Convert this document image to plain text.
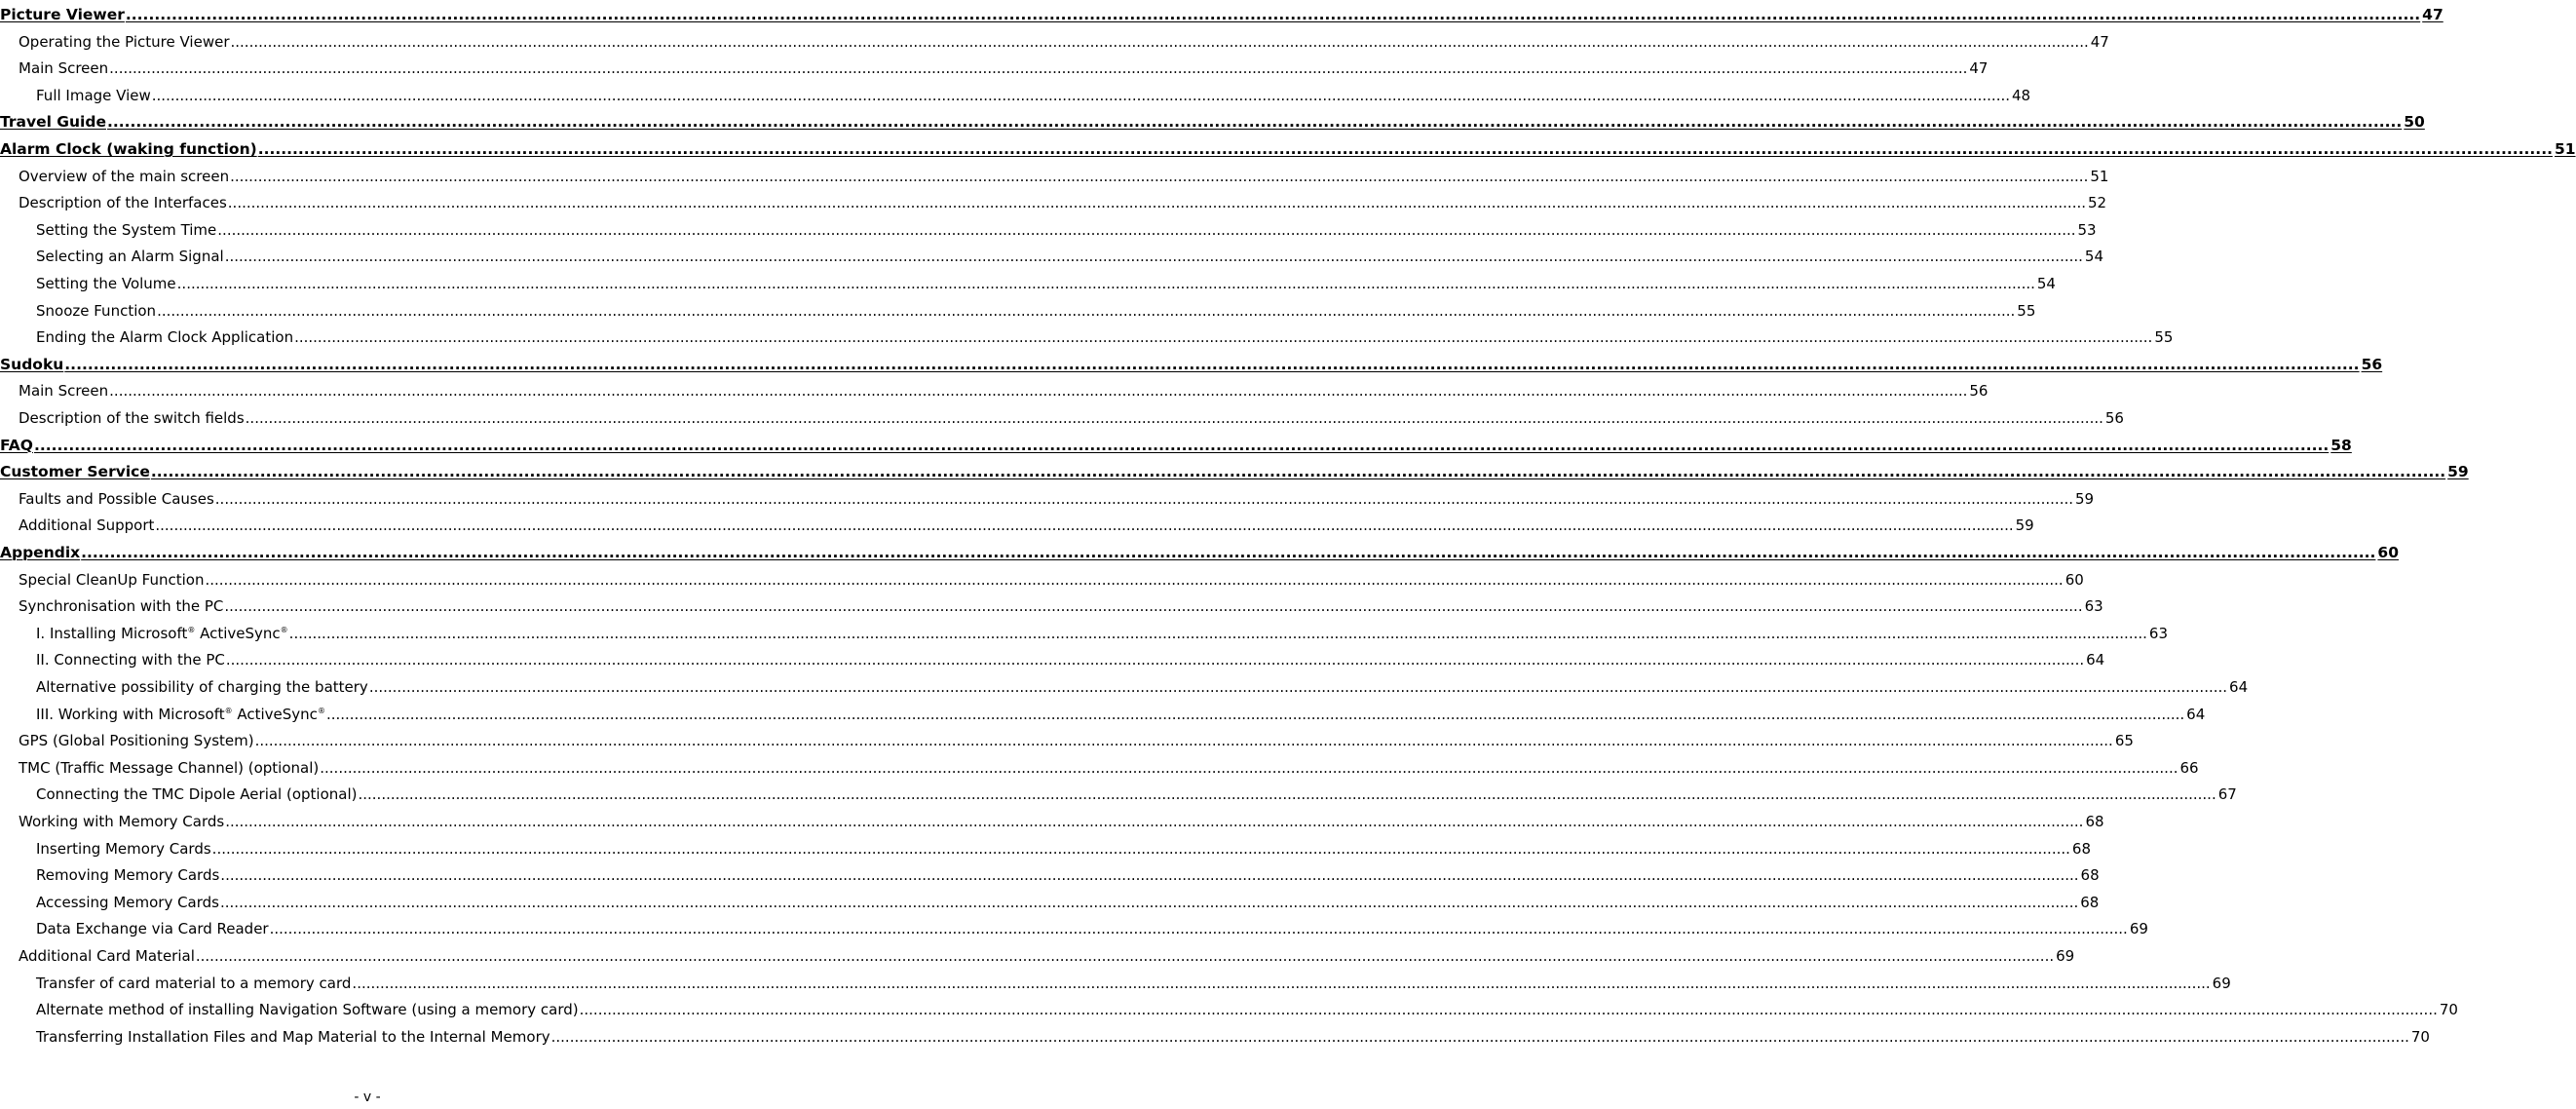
Picture Viewer ................................................................................................................................................................................................................................................................................................................................................................................................................ 47
Operating the Picture Viewer ................................................................................................................................................................................................................................................................................................................................................................................................................ 47
Main Screen ................................................................................................................................................................................................................................................................................................................................................................................................................ 47
Full Image View ................................................................................................................................................................................................................................................................................................................................................................................................................ 48
Travel Guide ................................................................................................................................................................................................................................................................................................................................................................................................................ 50
Alarm Clock (waking function) ................................................................................................................................................................................................................................................................................................................................................................................................................ 51
Overview of the main screen ................................................................................................................................................................................................................................................................................................................................................................................................................ 51
Description of the Interfaces ................................................................................................................................................................................................................................................................................................................................................................................................................ 52
Setting the System Time ................................................................................................................................................................................................................................................................................................................................................................................................................ 53
Selecting an Alarm Signal ................................................................................................................................................................................................................................................................................................................................................................................................................ 54
Setting the Volume ................................................................................................................................................................................................................................................................................................................................................................................................................ 54
Snooze Function ................................................................................................................................................................................................................................................................................................................................................................................................................ 55
Ending the Alarm Clock Application ................................................................................................................................................................................................................................................................................................................................................................................................................ 55
Sudoku ................................................................................................................................................................................................................................................................................................................................................................................................................ 56
Main Screen ................................................................................................................................................................................................................................................................................................................................................................................................................ 56
Description of the switch fields ................................................................................................................................................................................................................................................................................................................................................................................................................ 56
FAQ ................................................................................................................................................................................................................................................................................................................................................................................................................ 58
Customer Service ................................................................................................................................................................................................................................................................................................................................................................................................................ 59
Faults and Possible Causes ................................................................................................................................................................................................................................................................................................................................................................................................................ 59
Additional Support ................................................................................................................................................................................................................................................................................................................................................................................................................ 59
Appendix ................................................................................................................................................................................................................................................................................................................................................................................................................ 60
Special CleanUp Function ................................................................................................................................................................................................................................................................................................................................................................................................................ 60
Synchronisation with the PC ................................................................................................................................................................................................................................................................................................................................................................................................................ 63
I. Installing Microsoft® ActiveSync® ................................................................................................................................................................................................................................................................................................................................................................................................................ 63
II. Connecting with the PC ................................................................................................................................................................................................................................................................................................................................................................................................................ 64
Alternative possibility of charging the battery ................................................................................................................................................................................................................................................................................................................................................................................................................ 64
III. Working with Microsoft® ActiveSync® ................................................................................................................................................................................................................................................................................................................................................................................................................ 64
GPS (Global Positioning System) ................................................................................................................................................................................................................................................................................................................................................................................................................ 65
TMC (Traffic Message Channel) (optional) ................................................................................................................................................................................................................................................................................................................................................................................................................ 66
Connecting the TMC Dipole Aerial (optional) ................................................................................................................................................................................................................................................................................................................................................................................................................ 67
Working with Memory Cards ................................................................................................................................................................................................................................................................................................................................................................................................................ 68
Inserting Memory Cards ................................................................................................................................................................................................................................................................................................................................................................................................................ 68
Removing Memory Cards ................................................................................................................................................................................................................................................................................................................................................................................................................ 68
Accessing Memory Cards ................................................................................................................................................................................................................................................................................................................................................................................................................ 68
Data Exchange via Card Reader ................................................................................................................................................................................................................................................................................................................................................................................................................ 69
Additional Card Material ................................................................................................................................................................................................................................................................................................................................................................................................................ 69
Transfer of card material to a memory card ................................................................................................................................................................................................................................................................................................................................................................................................................ 69
Alternate method of installing Navigation Software (using a memory card) ................................................................................................................................................................................................................................................................................................................................................................................................................ 70
Transferring Installation Files and Map Material to the Internal Memory ................................................................................................................................................................................................................................................................................................................................................................................................................ 70
- v -
